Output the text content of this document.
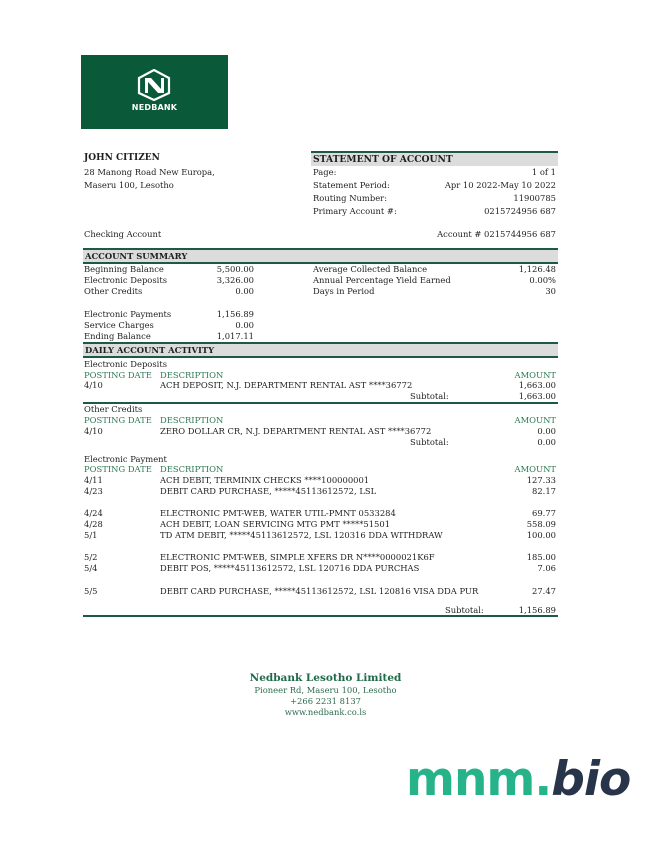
NEDBANK
JOHN CITIZEN
28 Manong Road New Europa,
Maseru 100, Lesotho
Checking Account
STATEMENT OF ACCOUNT
Page:	1 of 1
Statement Period:	Apr 10 2022-May 10 2022
Routing Number:	11900785
Primary Account #:	0215724956 687
Account # 0215744956 687
ACCOUNT SUMMARY
Beginning Balance	5,500.00
Electronic Deposits	3,326.00
Other Credits	0.00
Electronic Payments	1,156.89
Service Charges	0.00
Ending Balance	1,017.11
Average Collected Balance	1,126.48
Annual Percentage Yield Earned	0.00%
Days in Period	30
DAILY ACCOUNT ACTIVITY
Electronic Deposits
POSTING DATE DESCRIPTION	AMOUNT
4/10	ACH DEPOSIT, N.J. DEPARTMENT RENTAL AST ****36772	1,663.00
Subtotal:	1,663.00
Other Credits
POSTING DATE DESCRIPTION	AMOUNT
4/10	ZERO DOLLAR CR, N.J. DEPARTMENT RENTAL AST ****36772	0.00
Subtotal:	0.00
Electronic Payment
POSTING DATE DESCRIPTION	AMOUNT
4/11	ACH DEBIT, TERMINIX CHECKS ****100000001	127.33
4/23	DEBIT CARD PURCHASE, *****45113612572, LSL	82.17
4/24	ELECTRONIC PMT-WEB, WATER UTIL-PMNT 0533284	69.77
4/28	ACH DEBIT, LOAN SERVICING MTG PMT *****51501	558.09
5/1	TD ATM DEBIT, *****45113612572, LSL 120316 DDA WITHDRAW	100.00
5/2	ELECTRONIC PMT-WEB, SIMPLE XFERS DR N****0000021K6F	185.00
5/4	DEBIT POS, *****45113612572, LSL 120716 DDA PURCHAS	7.06
5/5	DEBIT CARD PURCHASE, *****45113612572, LSL 120816 VISA DDA PUR	27.47
Subtotal:	1,156.89
Nedbank Lesotho Limited
Pioneer Rd, Maseru 100, Lesotho
+266 2231 8137
www.nedbank.co.ls
mnm.bio
